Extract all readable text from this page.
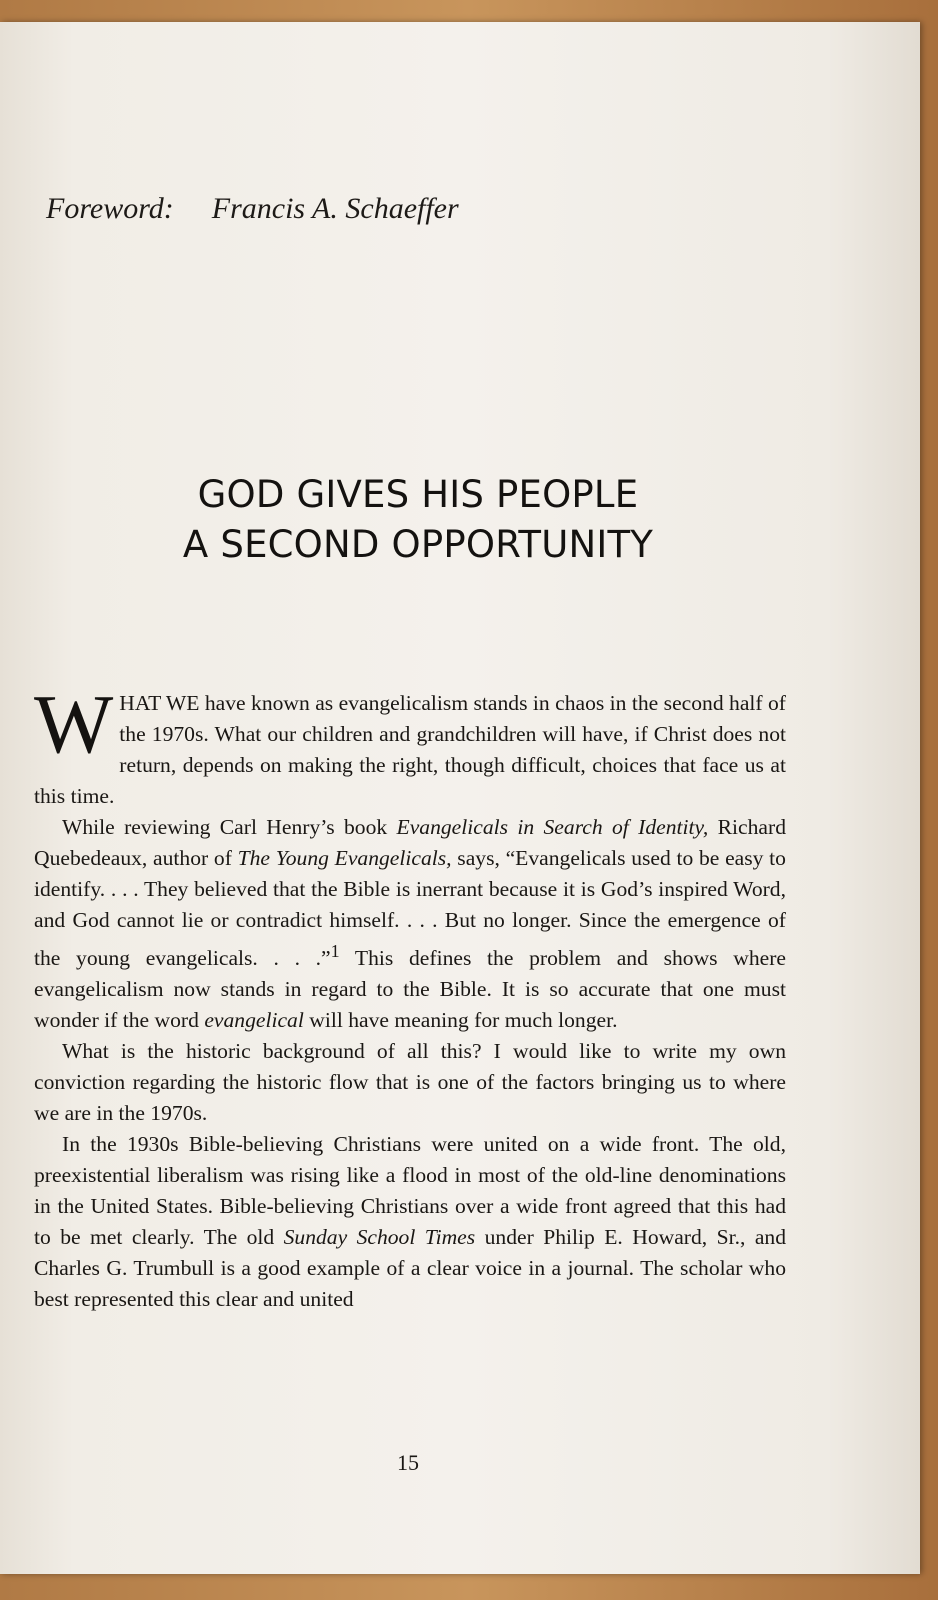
Foreword: Francis A. Schaeffer
GOD GIVES HIS PEOPLE
A SECOND OPPORTUNITY

WHAT WE have known as evangelicalism stands in chaos in the second half of the 1970s. What our children and grandchildren will have, if Christ does not return, depends on making the right, though difficult, choices that face us at this time.

While reviewing Carl Henry’s book Evangelicals in Search of Identity, Richard Quebedeaux, author of The Young Evangelicals, says, “Evangelicals used to be easy to identify. . . . They believed that the Bible is inerrant because it is God’s inspired Word, and God cannot lie or contradict himself. . . . But no longer. Since the emergence of the young evangelicals. . . .”$^1$ This defines the problem and shows where evangelicalism now stands in regard to the Bible. It is so accurate that one must wonder if the word evangelical will have meaning for much longer.

What is the historic background of all this? I would like to write my own conviction regarding the historic flow that is one of the factors bringing us to where we are in the 1970s.

In the 1930s Bible-believing Christians were united on a wide front. The old, preexistential liberalism was rising like a flood in most of the old-line denominations in the United States. Bible-believing Christians over a wide front agreed that this had to be met clearly. The old Sunday School Times under Philip E. Howard, Sr., and Charles G. Trumbull is a good example of a clear voice in a journal. The scholar who best represented this clear and united

15
